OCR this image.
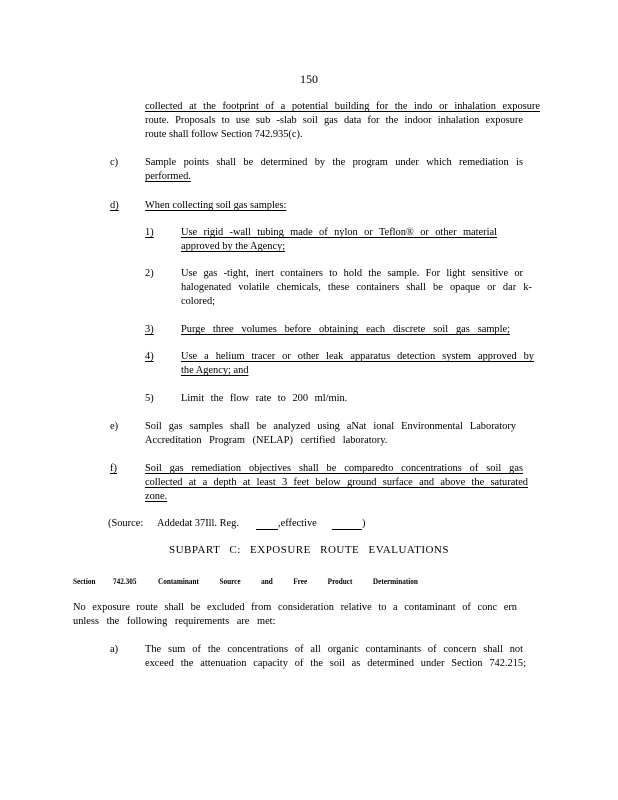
150
collected at the footprint of a potential building for the indo or inhalation exposure
route. Proposals to use sub -slab soil gas data for the indoor inhalation exposure
route shall follow Section 742.935(c).
c)	Sample points shall be determined by the program under which remediation is
performed.
d)	When collecting soil gas samples:
1)	Use rigid -wall tubing made of nylon or Teflon® or other material
approved by the Agency;
2)	Use gas -tight, inert containers to hold the sample. For light sensitive or
halogenated volatile chemicals, these containers shall be opaque or dar k-
colored;
3)	Purge three volumes before obtaining each discrete soil gas sample;
4)	Use a helium tracer or other leak apparatus detection system approved by
the Agency; and
5)	Limit the flow rate to 200 ml/min.
e)	Soil gas samples shall be analyzed using aNat ional Environmental Laboratory
Accreditation Program (NELAP) certified laboratory.
f)	Soil gas remediation objectives shall be comparedto concentrations of soil gas
collected at a depth at least 3 feet below ground surface and above the saturated
zone.
(Source: Addedat 37Ill. Reg.	,effective	)
SUBPART C: EXPOSURE ROUTE EVALUATIONS
Section 742.305	Contaminant Source and Free Product Determination
No exposure route shall be excluded from consideration relative to a contaminant of conc ern
unless the following requirements are met:
a)	The sum of the concentrations of all organic contaminants of concern shall not
exceed the attenuation capacity of the soil as determined under Section 742.215;
